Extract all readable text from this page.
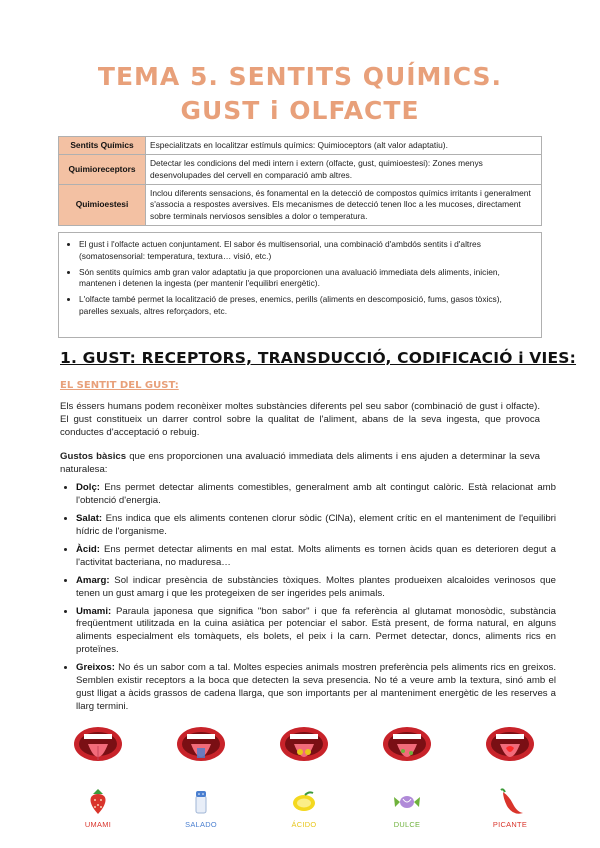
TEMA 5. SENTITS QUÍMICS.
GUST i OLFACTE
Sentits Químics	Especialitzats en localitzar estímuls químics: Quimioceptors (alt valor adaptatiu).
Quimioreceptors	Detectar les condicions del medi intern i extern (olfacte, gust, quimioestesi): Zones menys desenvolupades del cervell en comparació amb altres.
Quimioestesi	Inclou diferents sensacions, és fonamental en la detecció de compostos químics irritants i generalment s'associa a respostes aversives. Els mecanismes de detecció tenen lloc a les mucoses, directament sobre terminals nerviosos sensibles a dolor o temperatura.
• El gust i l'olfacte actuen conjuntament. El sabor és multisensorial, una combinació d'ambdós sentits i d'altres (somatosensorial: temperatura, textura… visió, etc.)
• Són sentits químics amb gran valor adaptatiu ja que proporcionen una avaluació immediata dels aliments, inicien, mantenen i detenen la ingesta (per mantenir l'equilibri energètic).
• L'olfacte també permet la localització de preses, enemics, perills (aliments en descomposició, fums, gasos tòxics), parelles sexuals, altres reforçadors, etc.
1. GUST: RECEPTORS, TRANSDUCCIÓ, CODIFICACIÓ i VIES:
EL SENTIT DEL GUST:
Els éssers humans podem reconèixer moltes substàncies diferents pel seu sabor (combinació de gust i olfacte). El gust constitueix un darrer control sobre la qualitat de l'aliment, abans de la seva ingesta, que provoca conductes d'acceptació o rebuig.
Gustos bàsics que ens proporcionen una avaluació immediata dels aliments i ens ajuden a determinar la seva naturalesa:
• Dolç: Ens permet detectar aliments comestibles, generalment amb alt contingut calòric. Està relacionat amb l'obtenció d'energia.
• Salat: Ens indica que els aliments contenen clorur sòdic (ClNa), element crític en el manteniment de l'equilibri hídric de l'organisme.
• Àcid: Ens permet detectar aliments en mal estat. Molts aliments es tornen àcids quan es deterioren degut a l'activitat bacteriana, no maduresa…
• Amarg: Sol indicar presència de substàncies tòxiques. Moltes plantes produeixen alcaloides verinosos que tenen un gust amarg i que les protegeixen de ser ingerides pels animals.
• Umami: Paraula japonesa que significa "bon sabor" i que fa referència al glutamat monosòdic, substància freqüentment utilitzada en la cuina asiàtica per potenciar el sabor. Està present, de forma natural, en alguns aliments especialment els tomàquets, els bolets, el peix i la carn. Permet detectar, doncs, aliments rics en proteïnes.
• Greixos: No és un sabor com a tal. Moltes especies animals mostren preferència pels aliments rics en greixos. Semblen existir receptors a la boca que detecten la seva presencia. No té a veure amb la textura, sinó amb el gust lligat a àcids grassos de cadena llarga, que son importants per al manteniment energètic de les reserves a llarg termini.
UMAMI	SALADO	ÁCIDO	DULCE	PICANTE
